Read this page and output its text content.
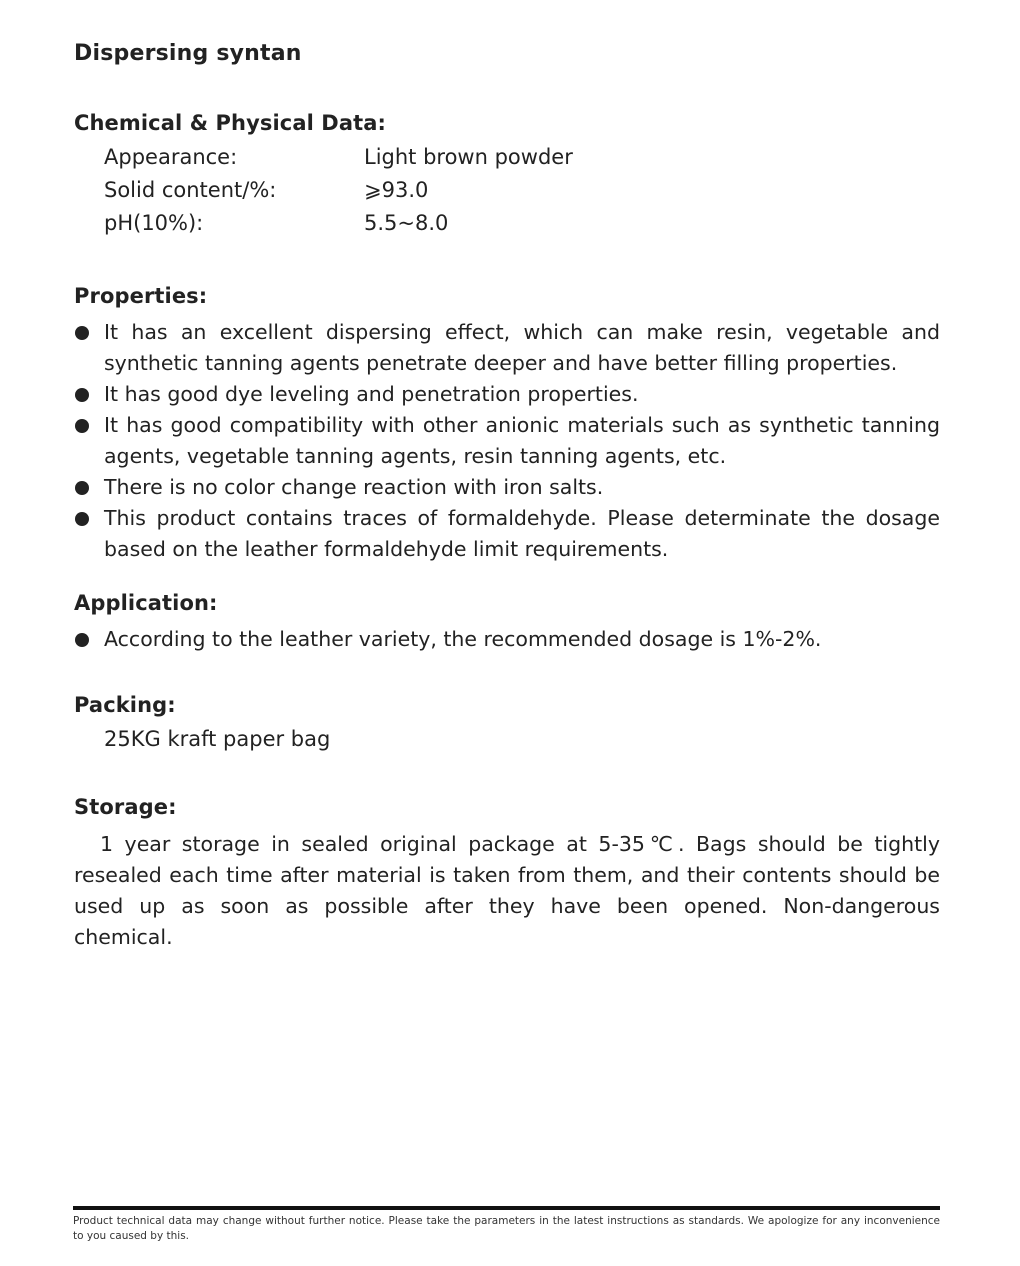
Dispersing syntan
Chemical & Physical Data:
Appearance:	Light brown powder
Solid content/%:	⩾93.0
pH(10%):	5.5~8.0
Properties:
It has an excellent dispersing effect, which can make resin, vegetable and synthetic tanning agents penetrate deeper and have better filling properties.
It has good dye leveling and penetration properties.
It has good compatibility with other anionic materials such as synthetic tanning agents, vegetable tanning agents, resin tanning agents, etc.
There is no color change reaction with iron salts.
This product contains traces of formaldehyde. Please determinate the dosage based on the leather formaldehyde limit requirements.
Application:
According to the leather variety, the recommended dosage is 1%-2%.
Packing:
25KG kraft paper bag
Storage:
1 year storage in sealed original package at 5-35℃. Bags should be tightly resealed each time after material is taken from them, and their contents should be used up as soon as possible after they have been opened. Non-dangerous chemical.
Product technical data may change without further notice. Please take the parameters in the latest instructions as standards. We apologize for any inconvenience to you caused by this.
